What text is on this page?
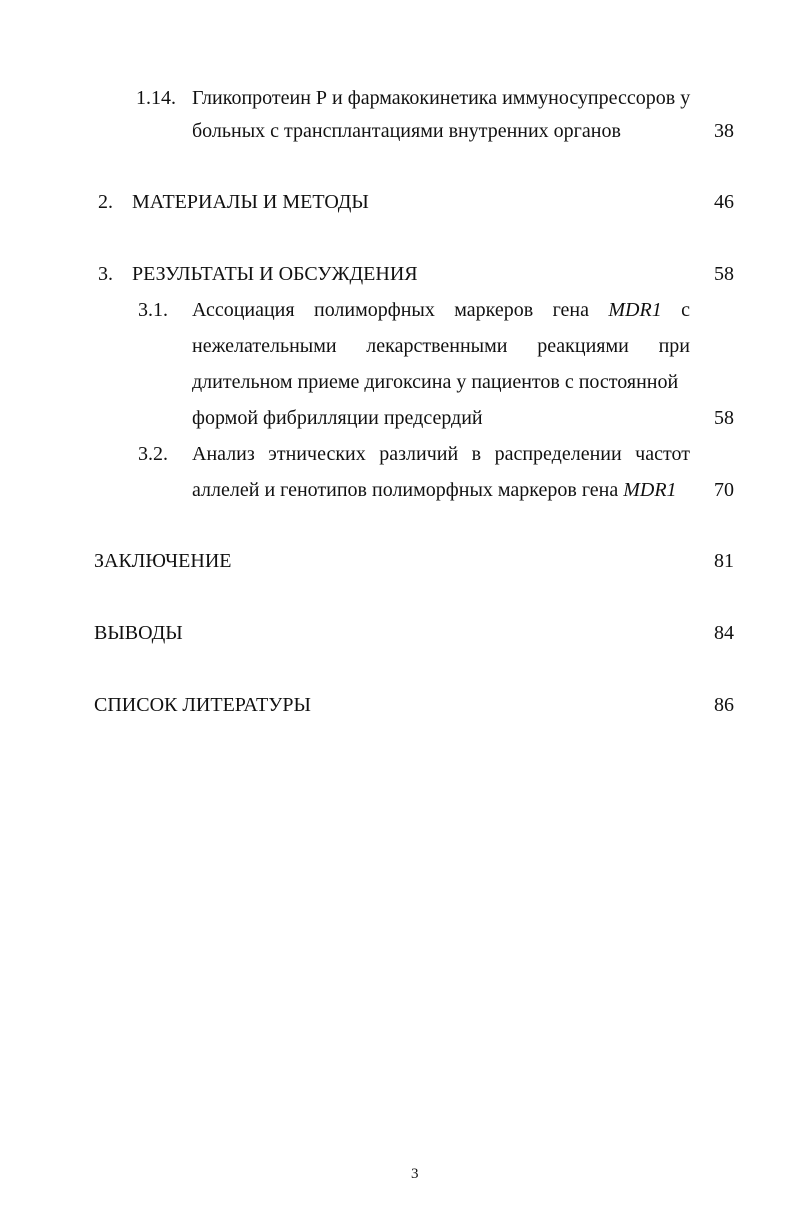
1.14. Гликопротеин Р и фармакокинетика иммуносупрессоров у
больных с трансплантациями внутренних органов	38
2. МАТЕРИАЛЫ И МЕТОДЫ	46
3. РЕЗУЛЬТАТЫ И ОБСУЖДЕНИЯ	58
3.1. Ассоциация полиморфных маркеров гена MDR1 с
нежелательными лекарственными реакциями при
длительном приеме дигоксина у пациентов с постоянной
формой фибрилляции предсердий	58
3.2. Анализ этнических различий в распределении частот
аллелей и генотипов полиморфных маркеров гена MDR1	70
ЗАКЛЮЧЕНИЕ	81
ВЫВОДЫ	84
СПИСОК ЛИТЕРАТУРЫ	86
3
